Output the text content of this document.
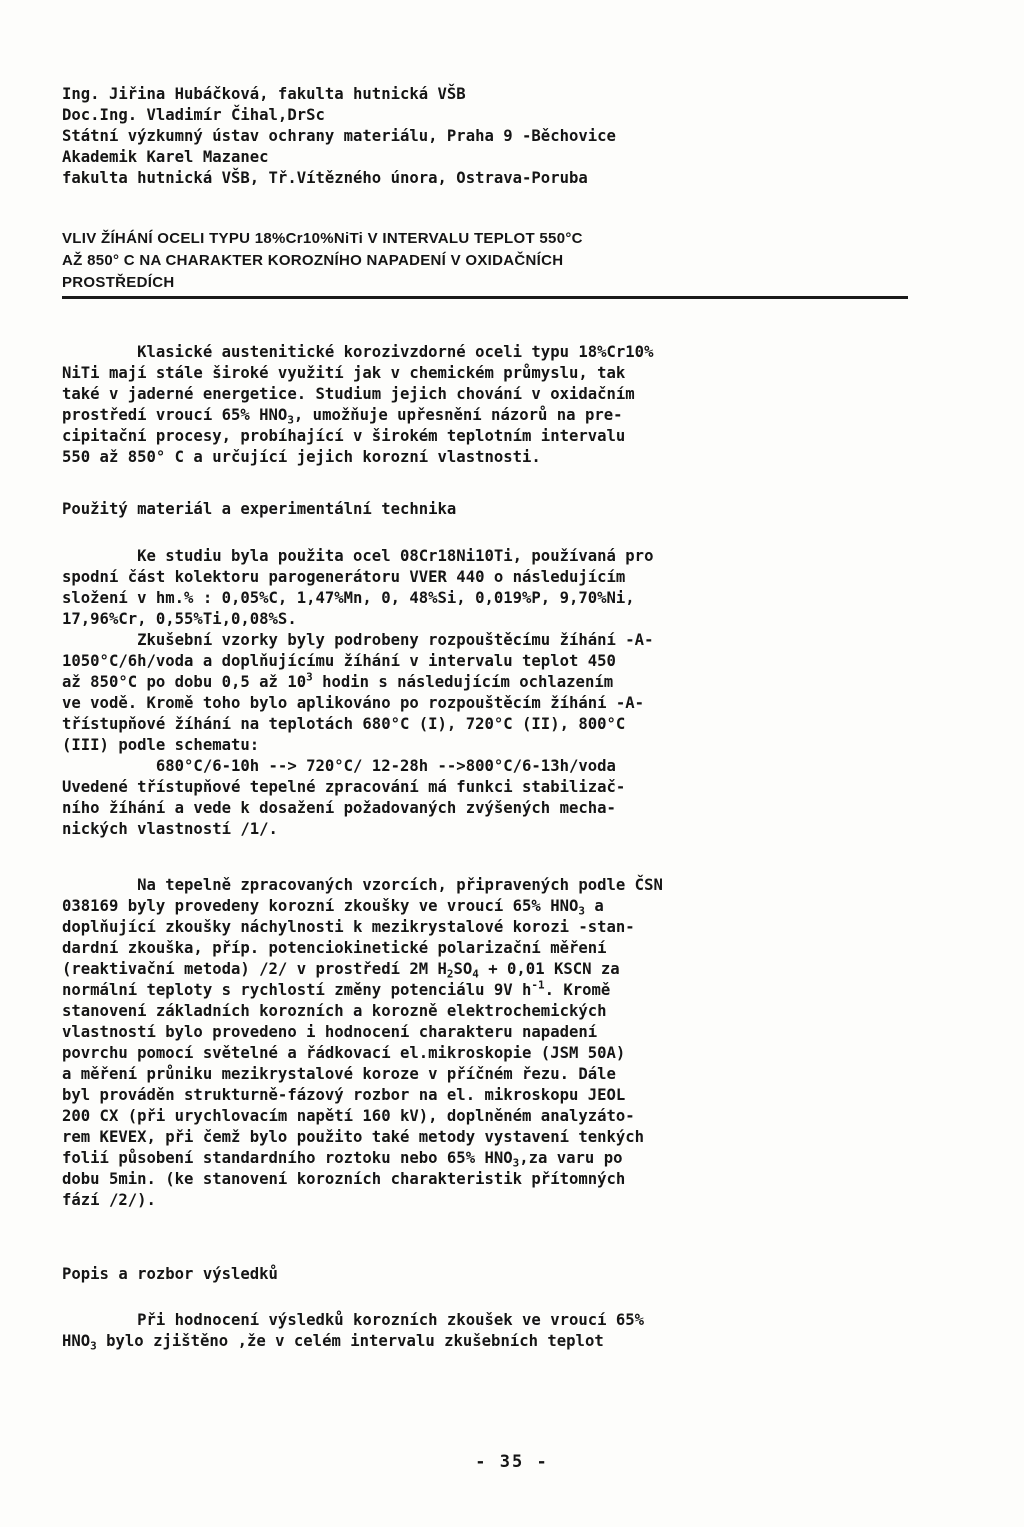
Ing. Jiřina Hubáčková, fakulta hutnická VŠB
Doc.Ing. Vladimír Čihal,DrSc
Státní výzkumný ústav ochrany materiálu, Praha 9 -Běchovice
Akademik Karel Mazanec
fakulta hutnická VŠB, Tř.Vítězného února, Ostrava-Poruba
VLIV ŽÍHÁNÍ OCELI TYPU 18%Cr10%NiTi V INTERVALU TEPLOT 550°C
AŽ 850° C NA CHARAKTER KOROZNÍHO NAPADENÍ V OXIDAČNÍCH
PROSTŘEDÍCH
Klasické austenitické korozivzdorné oceli typu 18%Cr10%
NiTi mají stále široké využití jak v chemickém průmyslu, tak
také v jaderné energetice. Studium jejich chování v oxidačním
prostředí vroucí 65% $HNO_3$, umožňuje upřesnění názorů na pre-
cipitační procesy, probíhající v širokém teplotním intervalu
550 až 850° C a určující jejich korozní vlastnosti.
Použitý materiál a experimentální technika
Ke studiu byla použita ocel 08Cr18Ni10Ti, používaná pro
spodní část kolektoru parogenerátoru VVER 440 o následujícím
složení v hm.% : 0,05%C, 1,47%Mn, 0, 48%Si, 0,019%P, 9,70%Ni,
17,96%Cr, 0,55%Ti,0,08%S.
Zkušební vzorky byly podrobeny rozpouštěcímu žíhání -A-
1050°C/6h/voda a doplňujícímu žíhání v intervalu teplot 450
až 850°C po dobu 0,5 až $10^3$ hodin s následujícím ochlazením
ve vodě. Kromě toho bylo aplikováno po rozpouštěcím žíhání -A-
třístupňové žíhání na teplotách 680°C (I), 720°C (II), 800°C
(III) podle schematu:
680°C/6-10h --> 720°C/ 12-28h -->800°C/6-13h/voda
Uvedené třístupňové tepelné zpracování má funkci stabilizač-
ního žíhání a vede k dosažení požadovaných zvýšených mecha-
nických vlastností /1/.
Na tepelně zpracovaných vzorcích, připravených podle ČSN
038169 byly provedeny korozní zkoušky ve vroucí 65% $HNO_3$ a
doplňující zkoušky náchylnosti k mezikrystalové korozi -stan-
dardní zkouška, příp. potenciokinetické polarizační měření
(reaktivační metoda) /2/ v prostředí 2M $H_2SO_4 + 0,01$ KSCN za
normální teploty s rychlostí změny potenciálu 9V $h^{-1}$. Kromě
stanovení základních korozních a korozně elektrochemických
vlastností bylo provedeno i hodnocení charakteru napadení
povrchu pomocí světelné a řádkovací el.mikroskopie (JSM 50A)
a měření průniku mezikrystalové koroze v příčném řezu. Dále
byl prováděn strukturně-fázový rozbor na el. mikroskopu JEOL
200 CX (při urychlovacím napětí 160 kV), doplněném analyzáto-
rem KEVEX, při čemž bylo použito také metody vystavení tenkých
folií působení standardního roztoku nebo 65% $HNO_3,za$ varu po
dobu 5min. (ke stanovení korozních charakteristik přítomných
fází /2/).
Popis a rozbor výsledků
Při hodnocení výsledků korozních zkoušek ve vroucí 65%
$HNO_3$ bylo zjištěno ,že v celém intervalu zkušebních teplot
- 35 -
